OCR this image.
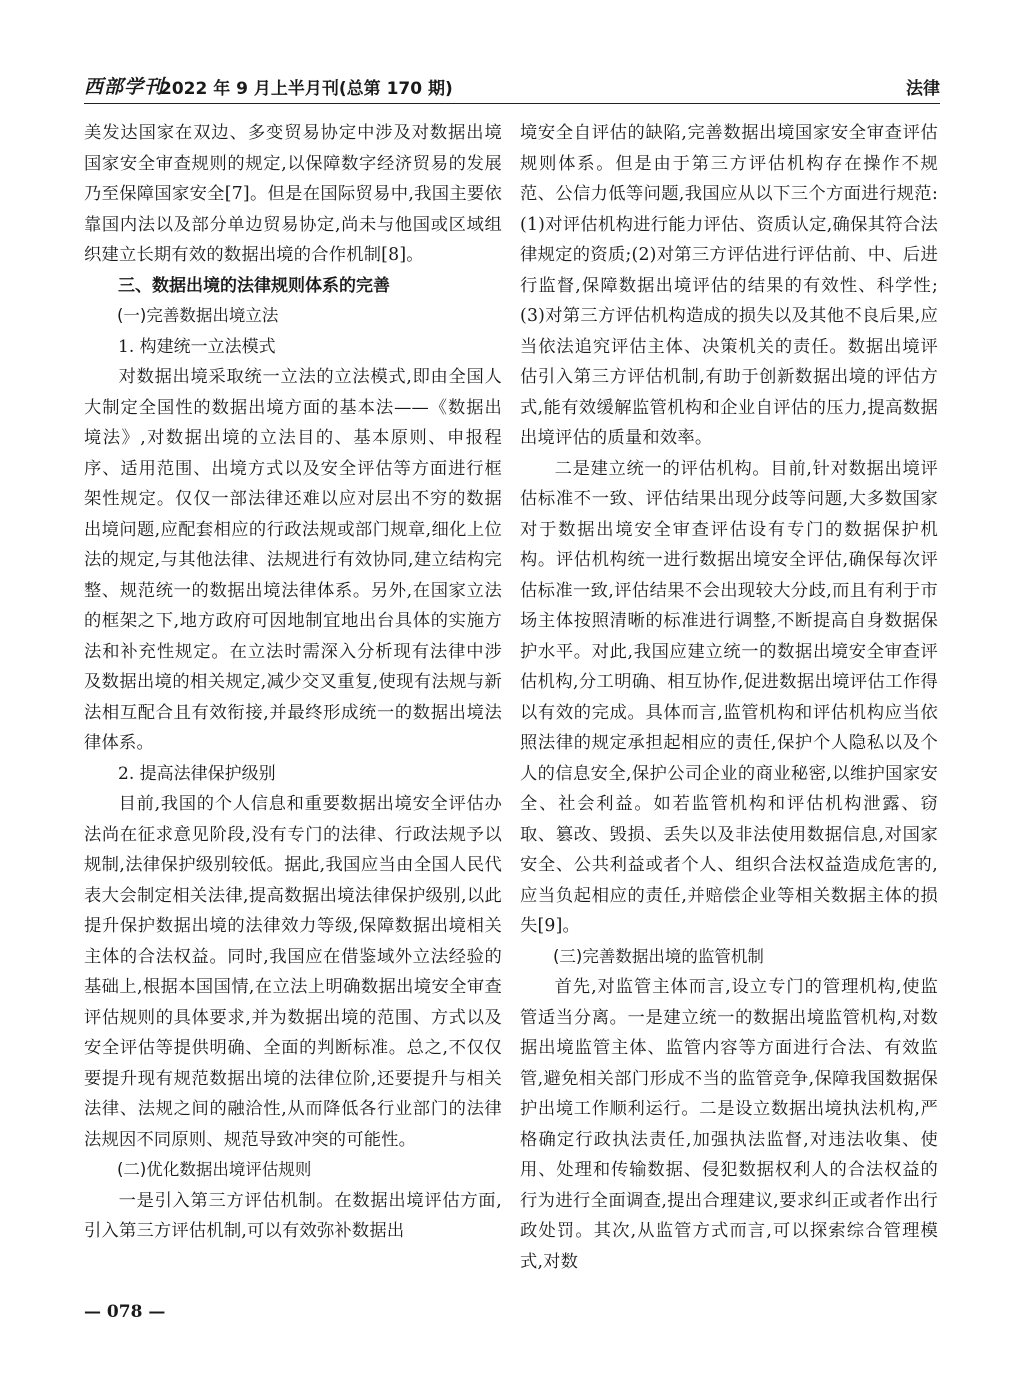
西部学刊
2022 年 9 月上半月刊(总第 170 期)	法律

美发达国家在双边、多变贸易协定中涉及对数据出境国家安全审查规则的规定,以保障数字经济贸易的发展乃至保障国家安全[7]。但是在国际贸易中,我国主要依靠国内法以及部分单边贸易协定,尚未与他国或区域组织建立长期有效的数据出境的合作机制[8]。

三、数据出境的法律规则体系的完善
(一)完善数据出境立法
1. 构建统一立法模式

对数据出境采取统一立法的立法模式,即由全国人大制定全国性的数据出境方面的基本法——《数据出境法》,对数据出境的立法目的、基本原则、申报程序、适用范围、出境方式以及安全评估等方面进行框架性规定。仅仅一部法律还难以应对层出不穷的数据出境问题,应配套相应的行政法规或部门规章,细化上位法的规定,与其他法律、法规进行有效协同,建立结构完整、规范统一的数据出境法律体系。另外,在国家立法的框架之下,地方政府可因地制宜地出台具体的实施方法和补充性规定。在立法时需深入分析现有法律中涉及数据出境的相关规定,减少交叉重复,使现有法规与新法相互配合且有效衔接,并最终形成统一的数据出境法律体系。

2. 提高法律保护级别

目前,我国的个人信息和重要数据出境安全评估办法尚在征求意见阶段,没有专门的法律、行政法规予以规制,法律保护级别较低。据此,我国应当由全国人民代表大会制定相关法律,提高数据出境法律保护级别,以此提升保护数据出境的法律效力等级,保障数据出境相关主体的合法权益。同时,我国应在借鉴域外立法经验的基础上,根据本国国情,在立法上明确数据出境安全审查评估规则的具体要求,并为数据出境的范围、方式以及安全评估等提供明确、全面的判断标准。总之,不仅仅要提升现有规范数据出境的法律位阶,还要提升与相关法律、法规之间的融洽性,从而降低各行业部门的法律法规因不同原则、规范导致冲突的可能性。

(二)优化数据出境评估规则

一是引入第三方评估机制。在数据出境评估方面,引入第三方评估机制,可以有效弥补数据出

境安全自评估的缺陷,完善数据出境国家安全审查评估规则体系。但是由于第三方评估机构存在操作不规范、公信力低等问题,我国应从以下三个方面进行规范:(1)对评估机构进行能力评估、资质认定,确保其符合法律规定的资质;(2)对第三方评估进行评估前、中、后进行监督,保障数据出境评估的结果的有效性、科学性;(3)对第三方评估机构造成的损失以及其他不良后果,应当依法追究评估主体、决策机关的责任。数据出境评估引入第三方评估机制,有助于创新数据出境的评估方式,能有效缓解监管机构和企业自评估的压力,提高数据出境评估的质量和效率。

二是建立统一的评估机构。目前,针对数据出境评估标准不一致、评估结果出现分歧等问题,大多数国家对于数据出境安全审查评估设有专门的数据保护机构。评估机构统一进行数据出境安全评估,确保每次评估标准一致,评估结果不会出现较大分歧,而且有利于市场主体按照清晰的标准进行调整,不断提高自身数据保护水平。对此,我国应建立统一的数据出境安全审查评估机构,分工明确、相互协作,促进数据出境评估工作得以有效的完成。具体而言,监管机构和评估机构应当依照法律的规定承担起相应的责任,保护个人隐私以及个人的信息安全,保护公司企业的商业秘密,以维护国家安全、社会利益。如若监管机构和评估机构泄露、窃取、篡改、毁损、丢失以及非法使用数据信息,对国家安全、公共利益或者个人、组织合法权益造成危害的,应当负起相应的责任,并赔偿企业等相关数据主体的损失[9]。

(三)完善数据出境的监管机制

首先,对监管主体而言,设立专门的管理机构,使监管适当分离。一是建立统一的数据出境监管机构,对数据出境监管主体、监管内容等方面进行合法、有效监管,避免相关部门形成不当的监管竞争,保障我国数据保护出境工作顺利运行。二是设立数据出境执法机构,严格确定行政执法责任,加强执法监督,对违法收集、使用、处理和传输数据、侵犯数据权利人的合法权益的行为进行全面调查,提出合理建议,要求纠正或者作出行政处罚。其次,从监管方式而言,可以探索综合管理模式,对数

— 078 —
